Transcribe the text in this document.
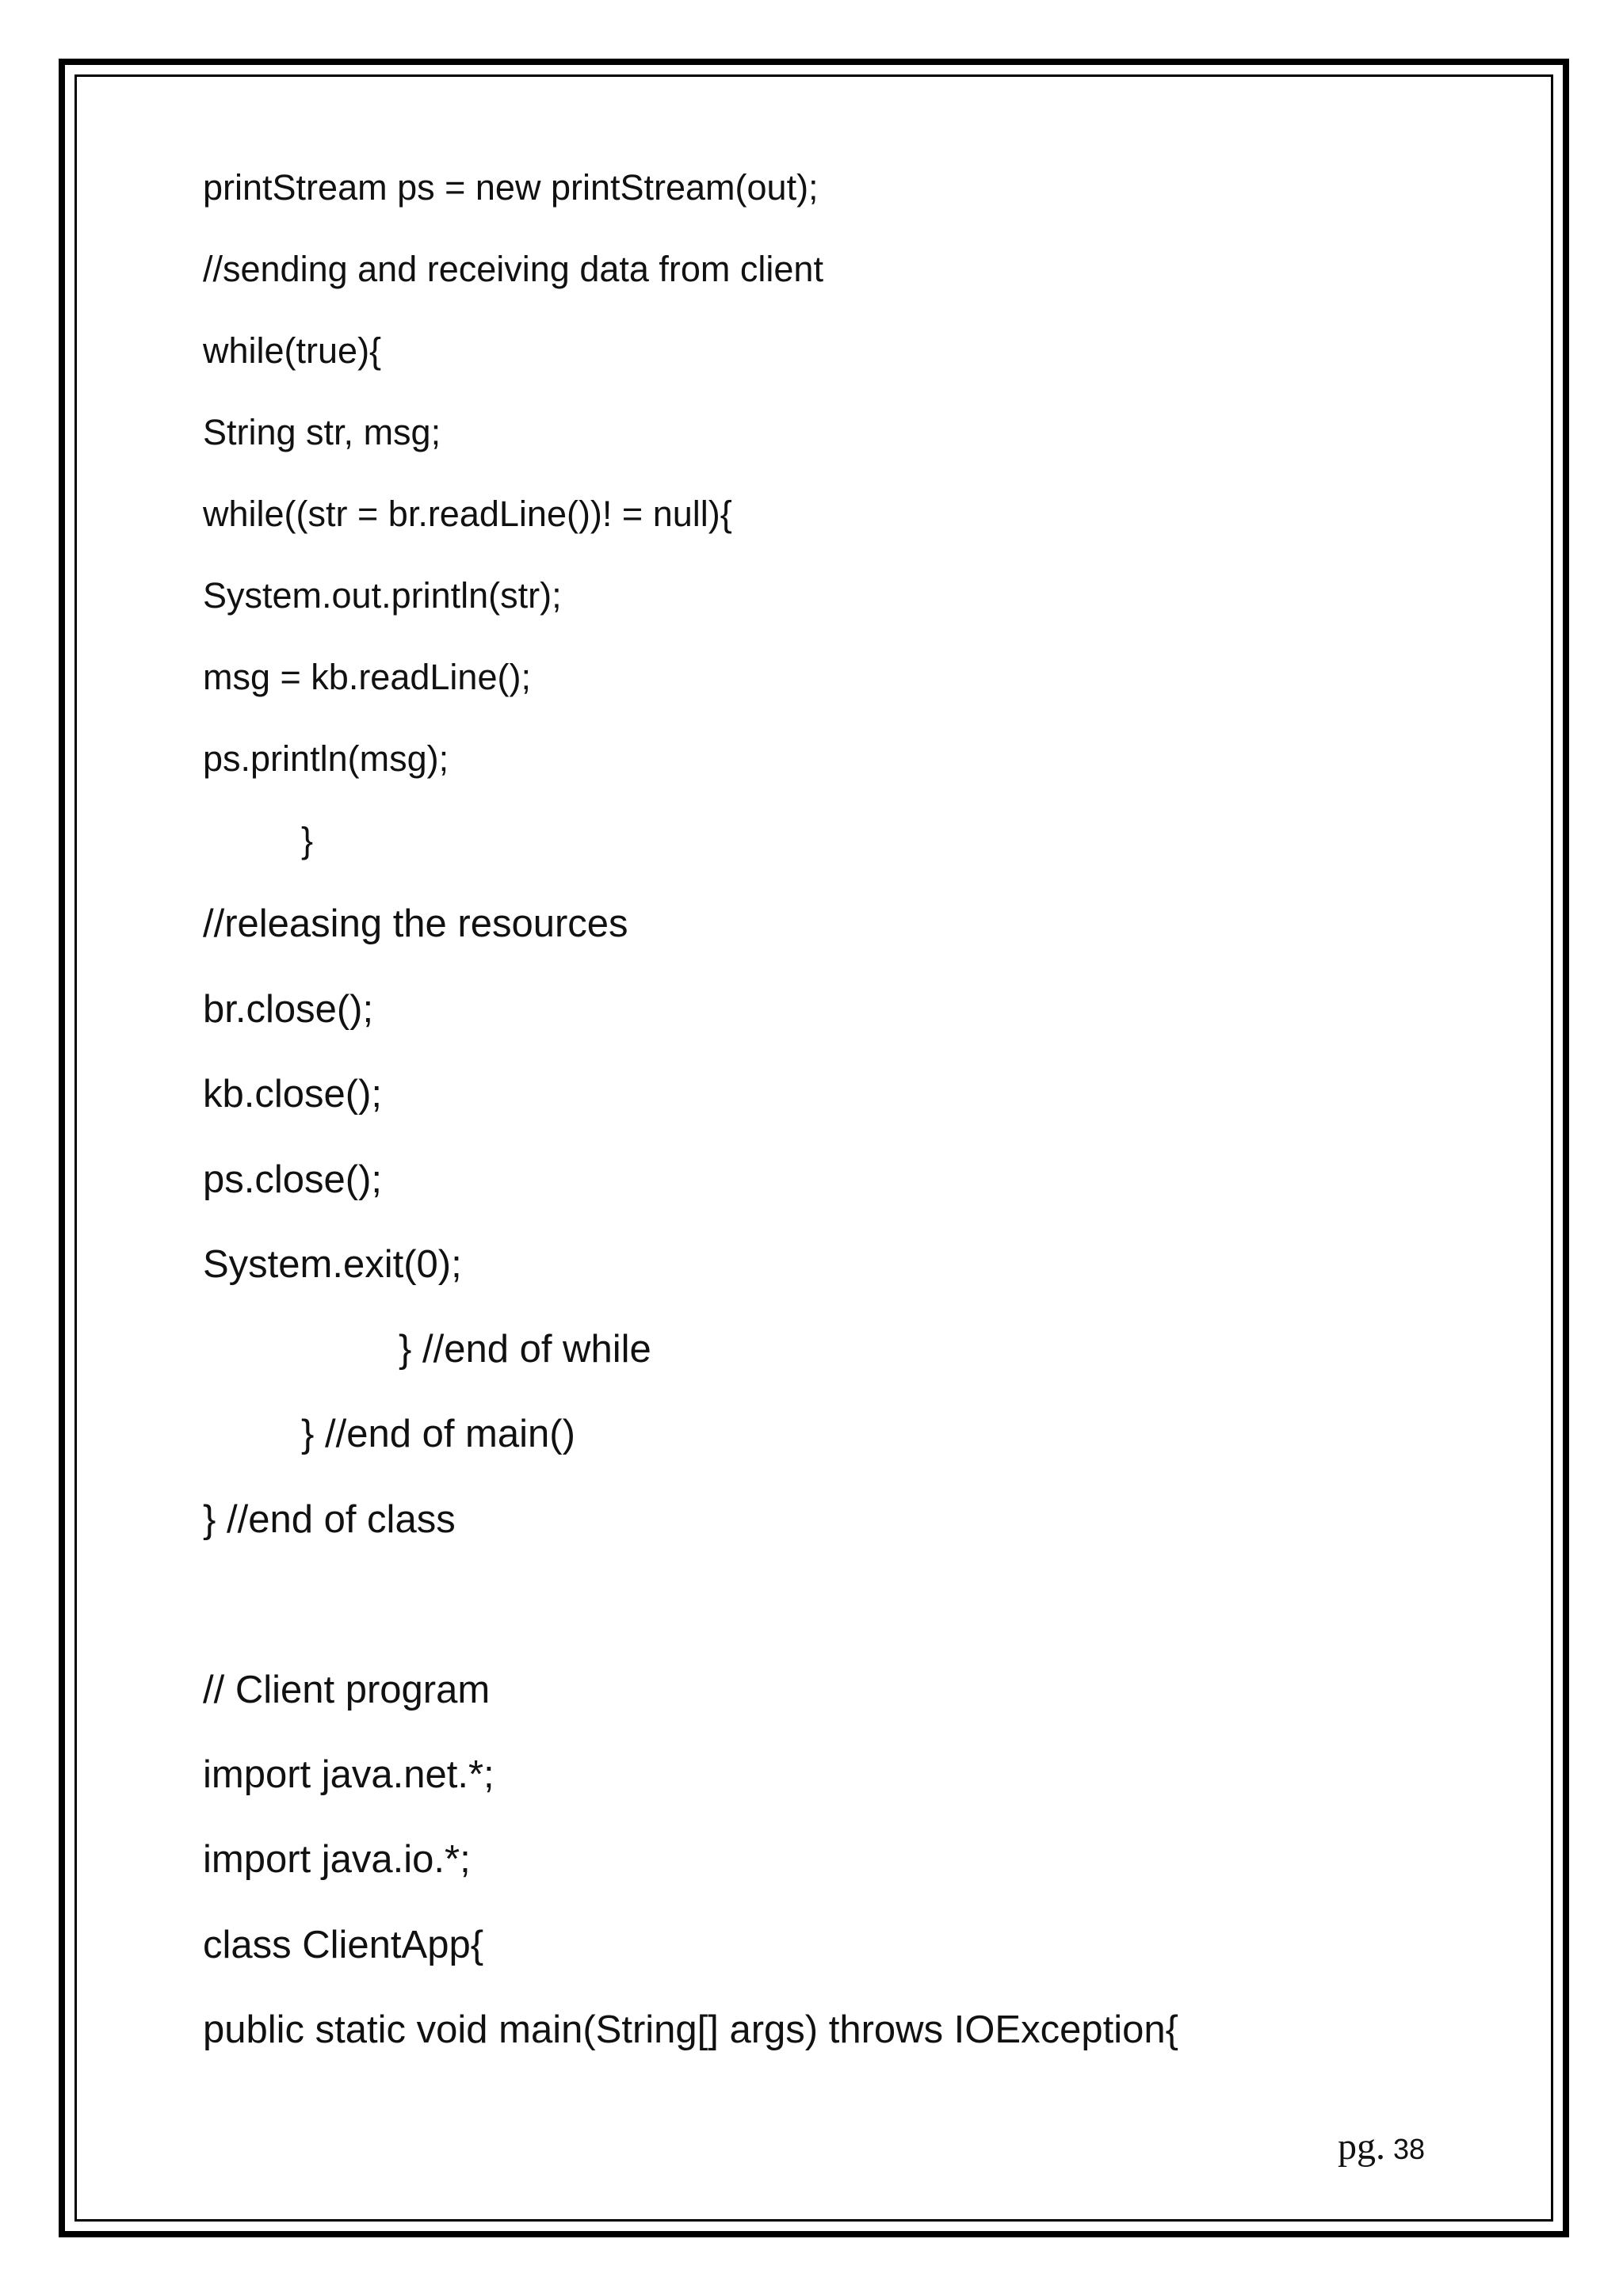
printStream ps = new printStream(out);
//sending and receiving data from client
while(true){
String str, msg;
while((str = br.readLine())! = null){
System.out.println(str);
msg = kb.readLine();
ps.println(msg);
}
//releasing the resources
br.close();
kb.close();
ps.close();
System.exit(0);
} //end of while
} //end of main()
} //end of class
// Client program
import java.net.*;
import java.io.*;
class ClientApp{
public static void main(String[] args) throws IOException{
pg. 38
